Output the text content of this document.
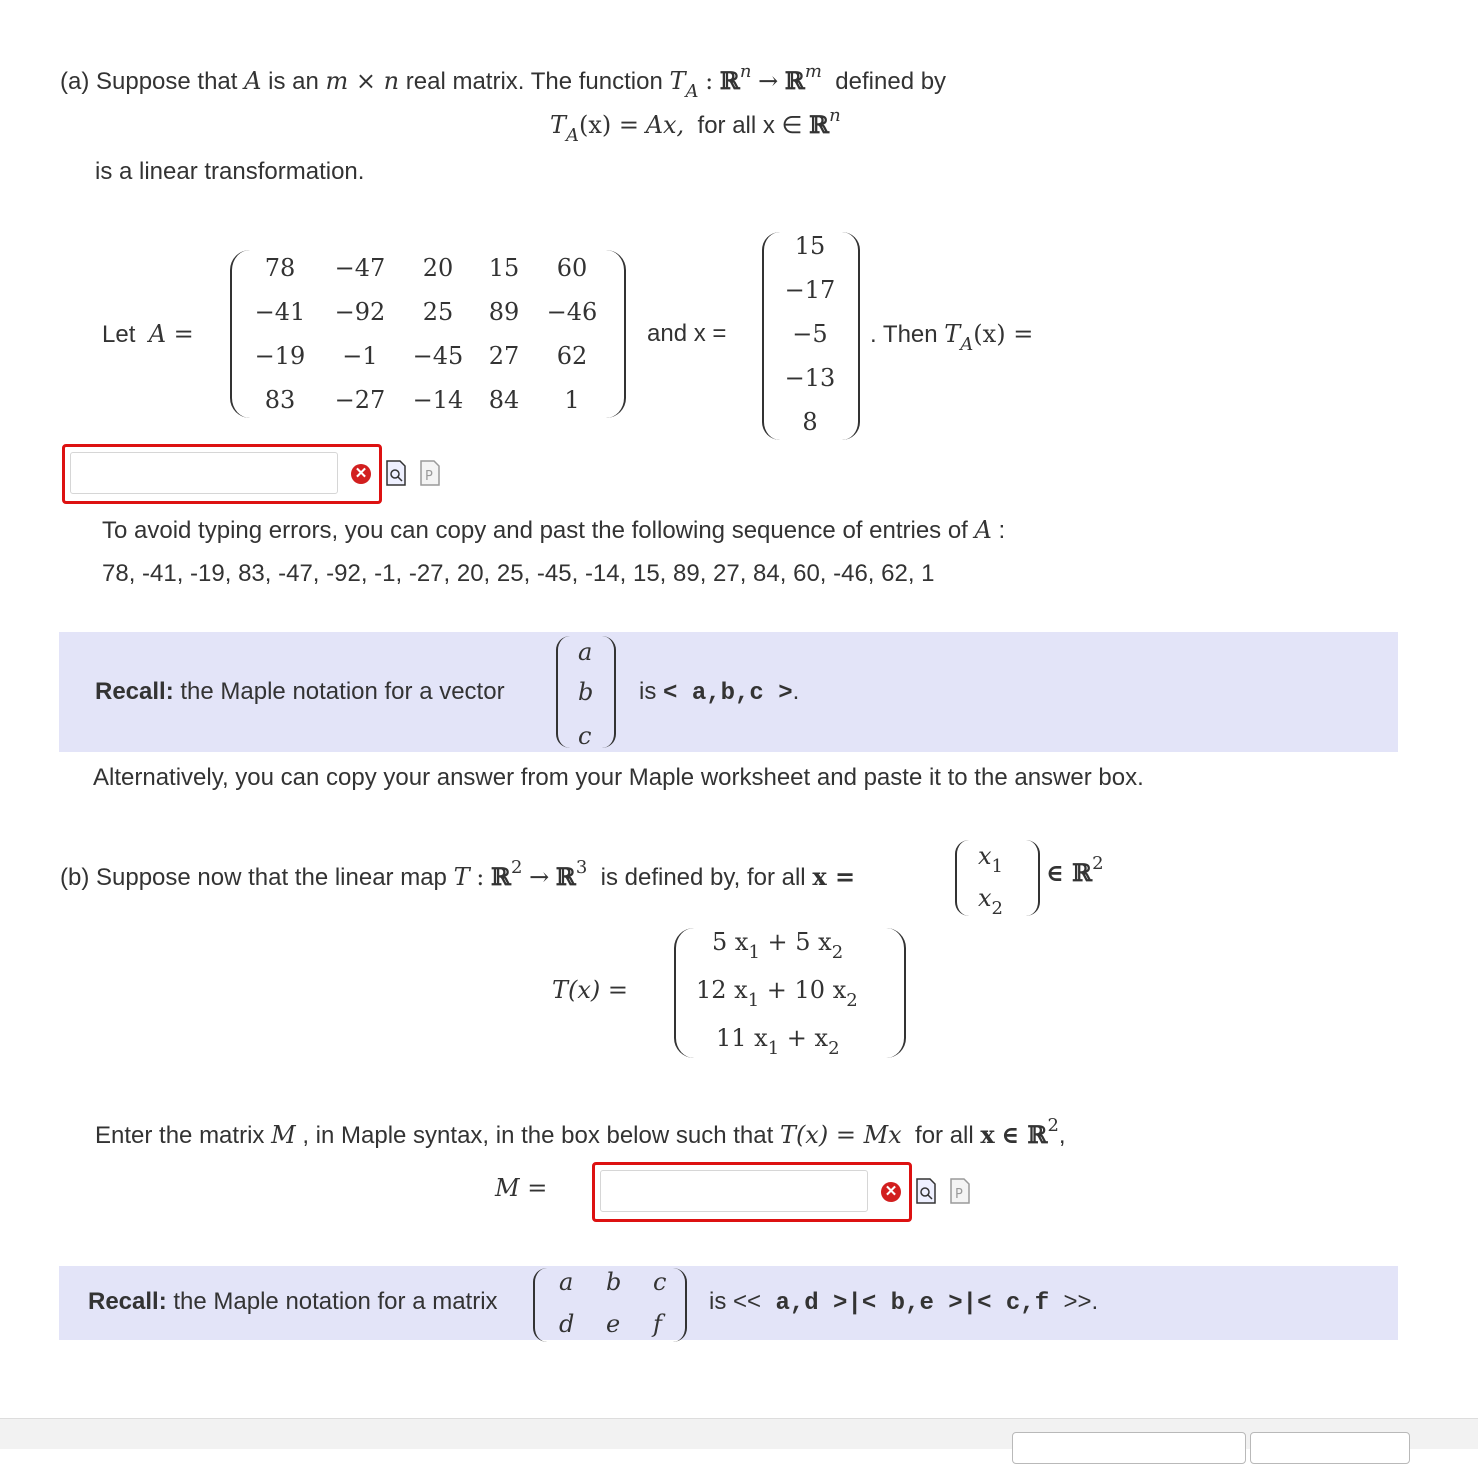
(a) Suppose that A is an m × n real matrix. The function $T_A$ : ℝ$^n$ → ℝ$^m$ defined by
$T_A(x) = Ax$, for all x ∈ ℝ$^n$
is a linear transformation.
Let A =
78	−47	20	15	60
−41	−92	25	89	−46
−19	−1	−45	27	62
83	−27	−14	84	1
and x =
15
−17
−5
−13
8
. Then $T_A(x)$ =
✕	P
To avoid typing errors, you can copy and past the following sequence of entries of A :
78, -41, -19, 83, -47, -92, -1, -27, 20, 25, -45, -14, 15, 89, 27, 84, 60, -46, 62, 1
Recall: the Maple notation for a vector
a
b
c
is < a,b,c >.
Alternatively, you can copy your answer from your Maple worksheet and paste it to the answer box.
(b) Suppose now that the linear map T : ℝ$^2$ → ℝ$^3$ is defined by, for all x =
$x_1$
$x_2$
∈ ℝ$^2$
T(x) =
5 $x_1 + 5$ $x_2$
12 $x_1 + 10$ $x_2$
11 $x_1 + x_2$
Enter the matrix M , in Maple syntax, in the box below such that T(x) = Mx for all x ∈ ℝ$^2$,
M =	✕	P
Recall: the Maple notation for a matrix
a b c
d e f
is << a,d >|< b,e >|< c,f >>.
